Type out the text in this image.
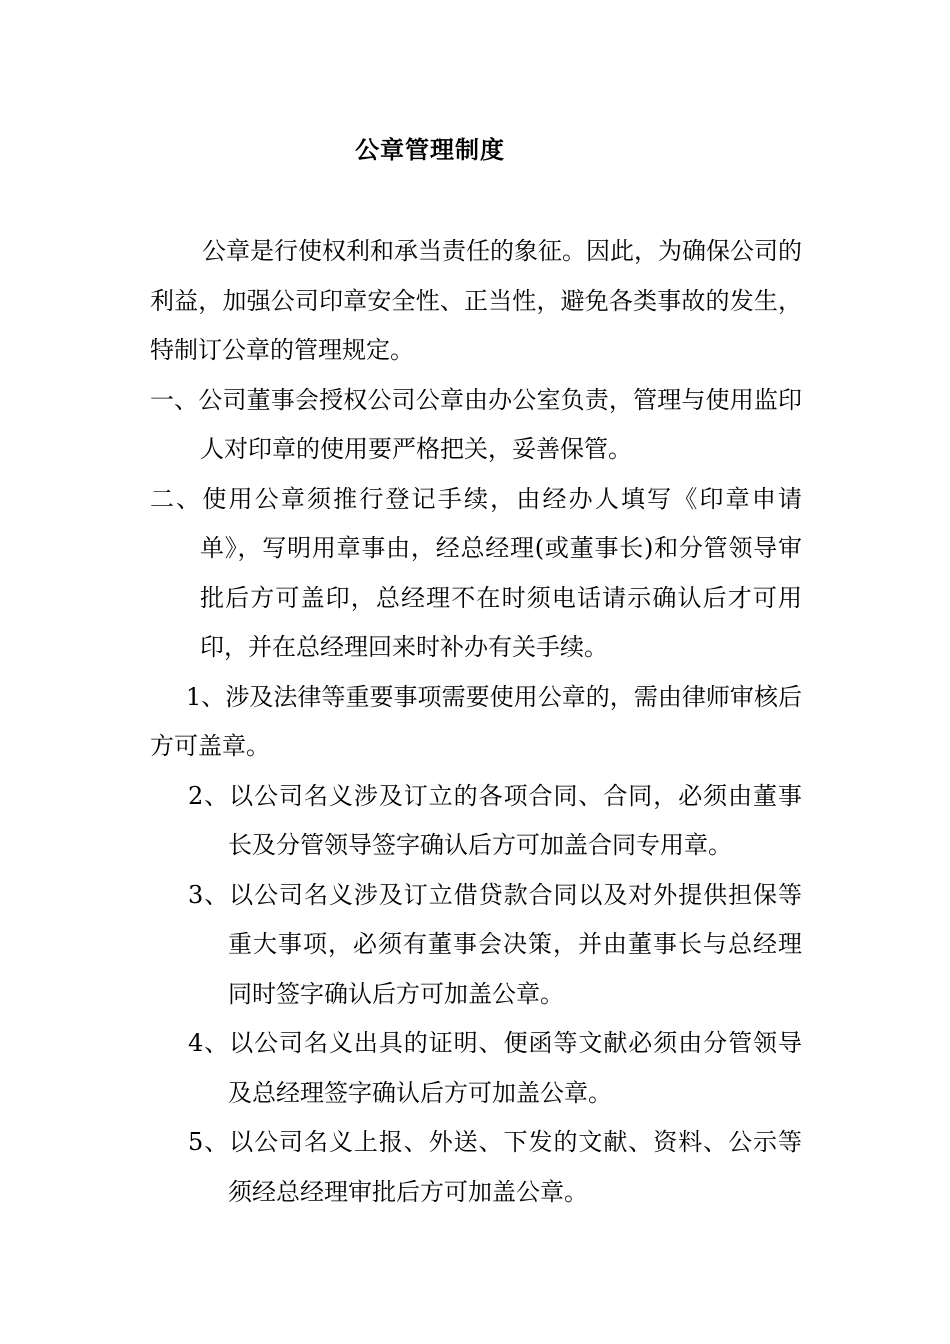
公章管理制度

公章是行使权利和承当责任的象征。因此，为确保公司的利益，加强公司印章安全性、正当性，避免各类事故的发生，特制订公章的管理规定。

一、公司董事会授权公司公章由办公室负责，管理与使用监印人对印章的使用要严格把关，妥善保管。

二、使用公章须推行登记手续，由经办人填写《印章申请单》，写明用章事由，经总经理(或董事长)和分管领导审批后方可盖印，总经理不在时须电话请示确认后才可用印，并在总经理回来时补办有关手续。

1、涉及法律等重要事项需要使用公章的，需由律师审核后方可盖章。

2、以公司名义涉及订立的各项合同、合同，必须由董事长及分管领导签字确认后方可加盖合同专用章。

3、以公司名义涉及订立借贷款合同以及对外提供担保等重大事项，必须有董事会决策，并由董事长与总经理同时签字确认后方可加盖公章。

4、以公司名义出具的证明、便函等文献必须由分管领导及总经理签字确认后方可加盖公章。

5、以公司名义上报、外送、下发的文献、资料、公示等须经总经理审批后方可加盖公章。
